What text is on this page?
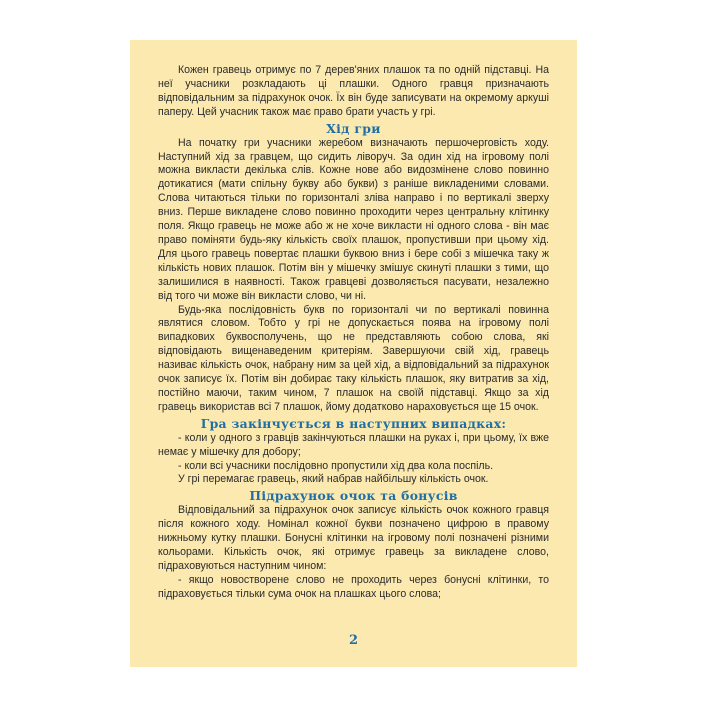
Кожен гравець отримує по 7 дерев'яних плашок та по одній підставці. На неї учасники розкладають ці плашки. Одного гравця призначають відповідальним за підрахунок очок. Їх він буде записувати на окремому аркуші паперу. Цей учасник також має право брати участь у грі.

Хід гри

На початку гри учасники жеребом визначають першочерговість ходу. Наступний хід за гравцем, що сидить ліворуч. За один хід на ігровому полі можна викласти декілька слів. Кожне нове або видозмінене слово повинно дотикатися (мати спільну букву або букви) з раніше викладеними словами. Слова читаються тільки по горизонталі зліва направо і по вертикалі зверху вниз. Перше викладене слово повинно проходити через центральну клітинку поля. Якщо гравець не може або ж не хоче викласти ні одного слова - він має право поміняти будь-яку кількість своїх плашок, пропустивши при цьому хід. Для цього гравець повертає плашки буквою вниз і бере собі з мішечка таку ж кількість нових плашок. Потім він у мішечку змішує скинуті плашки з тими, що залишилися в наявності. Також гравцеві дозволяється пасувати, незалежно від того чи може він викласти слово, чи ні.

Будь-яка послідовність букв по горизонталі чи по вертикалі повинна являтися словом. Тобто у грі не допускається поява на ігровому полі випадкових буквосполучень, що не представляють собою слова, які відповідають вищенаведеним критеріям. Завершуючи свій хід, гравець називає кількість очок, набрану ним за цей хід, а відповідальний за підрахунок очок записує їх. Потім він добирає таку кількість плашок, яку витратив за хід, постійно маючи, таким чином, 7 плашок на своїй підставці. Якщо за хід гравець використав всі 7 плашок, йому додатково нараховується ще 15 очок.

Гра закінчується в наступних випадках:

- коли у одного з гравців закінчуються плашки на руках і, при цьому, їх вже немає у мішечку для добору;

- коли всі учасники послідовно пропустили хід два кола поспіль.

У грі перемагає гравець, який набрав найбільшу кількість очок.

Підрахунок очок та бонусів

Відповідальний за підрахунок очок записує кількість очок кожного гравця після кожного ходу. Номінал кожної букви позначено цифрою в правому нижньому кутку плашки. Бонусні клітинки на ігровому полі позначені різними кольорами. Кількість очок, які отримує гравець за викладене слово, підраховуються наступним чином:

- якщо новостворене слово не проходить через бонусні клітинки, то підраховується тільки сума очок на плашках цього слова;

2
